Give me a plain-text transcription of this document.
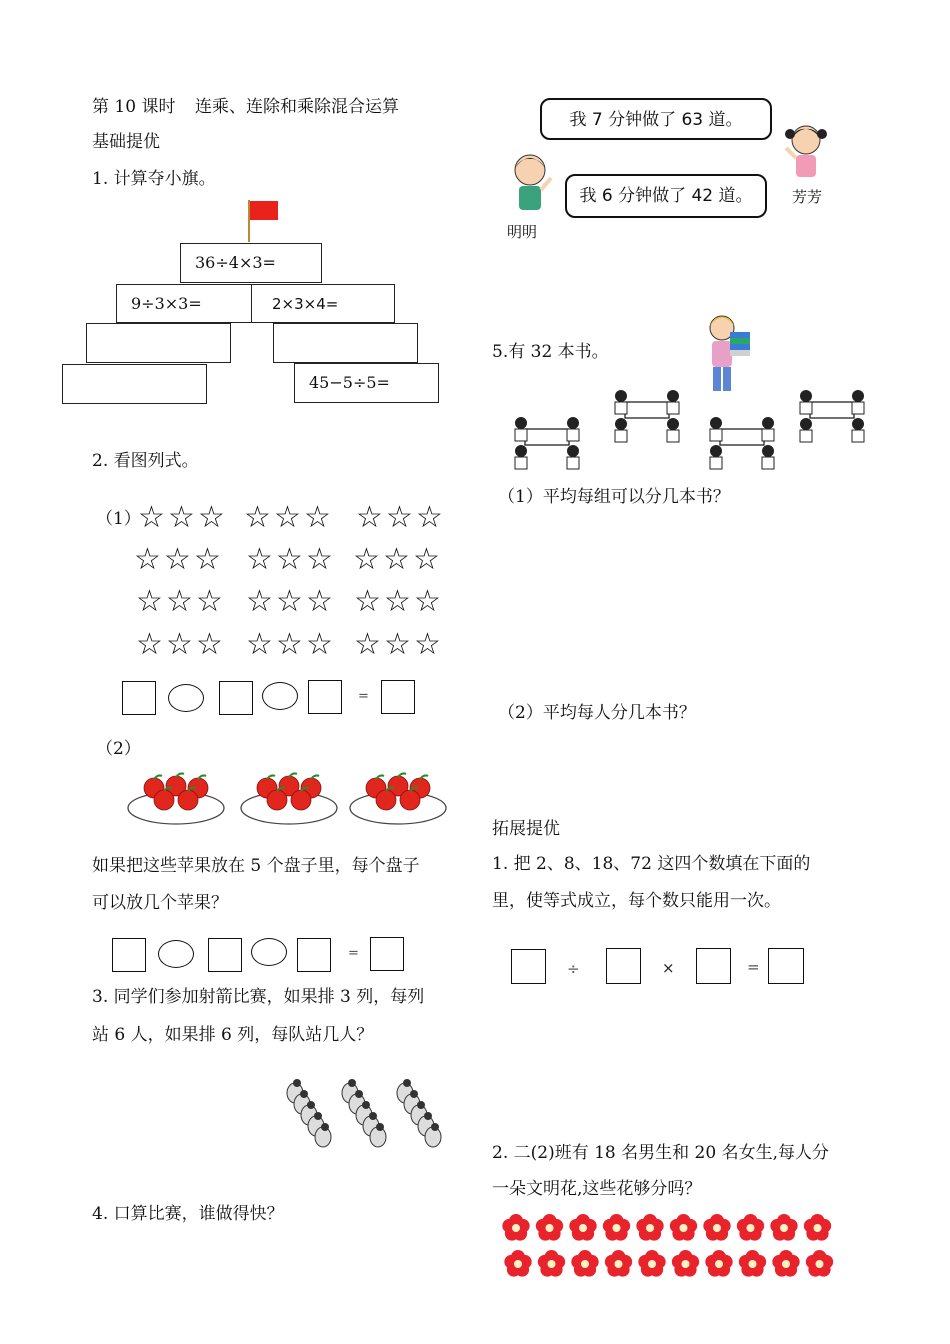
第 10 课时 连乘、连除和乘除混合运算
基础提优
1. 计算夺小旗。
36÷4×3=
9÷3×3=	2×3×4=
45−5÷5=
2. 看图列式。
（1）
☆ ☆ ☆ ☆ ☆ ☆ ☆ ☆ ☆
☆ ☆ ☆ ☆ ☆ ☆ ☆ ☆ ☆
☆ ☆ ☆ ☆ ☆ ☆ ☆ ☆ ☆
☆ ☆ ☆ ☆ ☆ ☆ ☆ ☆ ☆
=
（2）
如果把这些苹果放在 5 个盘子里，每个盘子
可以放几个苹果？
=
3. 同学们参加射箭比赛，如果排 3 列，每列
站 6 人，如果排 6 列，每队站几人？
4. 口算比赛，谁做得快？
我 7 分钟做了 63 道。
我 6 分钟做了 42 道。
明明
芳芳
5.有 32 本书。
（1）平均每组可以分几本书？
（2）平均每人分几本书？
拓展提优
1. 把 2、8、18、72 这四个数填在下面的
里，使等式成立，每个数只能用一次。
÷	×	=
2. 二(2)班有 18 名男生和 20 名女生,每人分
一朵文明花,这些花够分吗？
